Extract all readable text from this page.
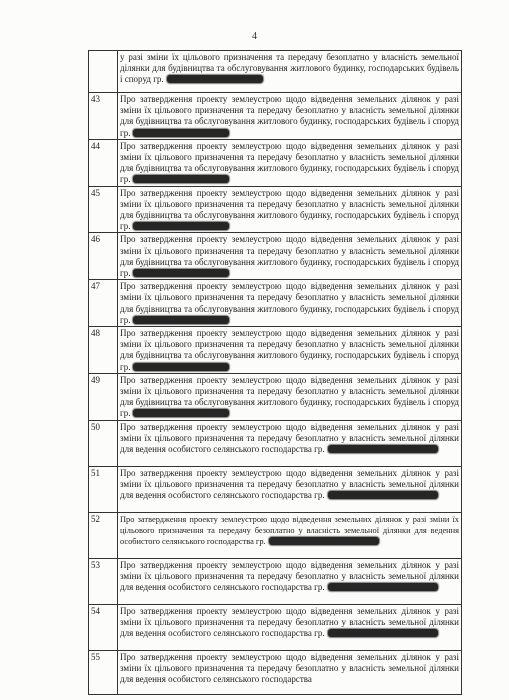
4
	у разі зміни їх цільового призначення та передачу безоплатно у власність земельної ділянки для будівництва та обслуговування житлового будинку, господарських будівель і споруд гр.
43	Про затвердження проекту землеустрою щодо відведення земельних ділянок у разі зміни їх цільового призначення та передачу безоплатно у власність земельної ділянки для будівництва та обслуговування житлового будинку, господарських будівель і споруд гр.
44	Про затвердження проекту землеустрою щодо відведення земельних ділянок у разі зміни їх цільового призначення та передачу безоплатно у власність земельної ділянки для будівництва та обслуговування житлового будинку, господарських будівель і споруд гр.
45	Про затвердження проекту землеустрою щодо відведення земельних ділянок у разі зміни їх цільового призначення та передачу безоплатно у власність земельної ділянки для будівництва та обслуговування житлового будинку, господарських будівель і споруд гр.
46	Про затвердження проекту землеустрою щодо відведення земельних ділянок у разі зміни їх цільового призначення та передачу безоплатно у власність земельної ділянки для будівництва та обслуговування житлового будинку, господарських будівель і споруд гр.
47	Про затвердження проекту землеустрою щодо відведення земельних ділянок у разі зміни їх цільового призначення та передачу безоплатно у власність земельної ділянки для будівництва та обслуговування житлового будинку, господарських будівель і споруд гр.
48	Про затвердження проекту землеустрою щодо відведення земельних ділянок у разі зміни їх цільового призначення та передачу безоплатно у власність земельної ділянки для будівництва та обслуговування житлового будинку, господарських будівель і споруд гр.
49	Про затвердження проекту землеустрою щодо відведення земельних ділянок у разі зміни їх цільового призначення та передачу безоплатно у власність земельної ділянки для будівництва та обслуговування житлового будинку, господарських будівель і споруд гр.
50	Про затвердження проекту землеустрою щодо відведення земельних ділянок у разі зміни їх цільового призначення та передачу безоплатно у власність земельної ділянки для ведення особистого селянського господарства гр.
51	Про затвердження проекту землеустрою щодо відведення земельних ділянок у разі зміни їх цільового призначення та передачу безоплатно у власність земельної ділянки для ведення особистого селянського господарства гр.
52	Про затвердження проекту землеустрою щодо відведення земельних ділянок у разі зміни їх цільового призначення та передачу безоплатно у власність земельної ділянки для ведення особистого селянського господарства гр.
53	Про затвердження проекту землеустрою щодо відведення земельних ділянок у разі зміни їх цільового призначення та передачу безоплатно у власність земельної ділянки для ведення особистого селянського господарства гр.
54	Про затвердження проекту землеустрою щодо відведення земельних ділянок у разі зміни їх цільового призначення та передачу безоплатно у власність земельної ділянки для ведення особистого селянського господарства гр.
55	Про затвердження проекту землеустрою щодо відведення земельних ділянок у разі зміни їх цільового призначення та передачу безоплатно у власність земельної ділянки для ведення особистого селянського господарства
